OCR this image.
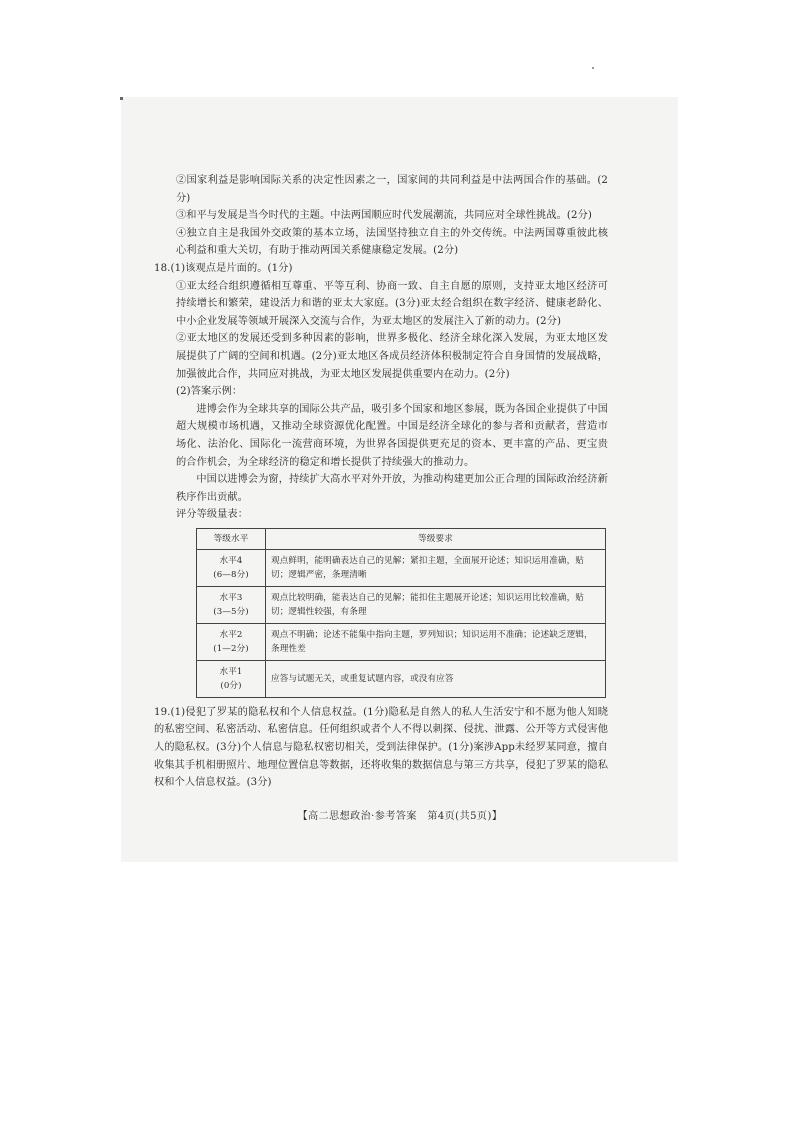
②国家利益是影响国际关系的决定性因素之一，国家间的共同利益是中法两国合作的基础。(2分)

③和平与发展是当今时代的主题。中法两国顺应时代发展潮流，共同应对全球性挑战。(2分)

④独立自主是我国外交政策的基本立场，法国坚持独立自主的外交传统。中法两国尊重彼此核心利益和重大关切，有助于推动两国关系健康稳定发展。(2分)

18.(1)该观点是片面的。(1分)

①亚太经合组织遵循相互尊重、平等互利、协商一致、自主自愿的原则，支持亚太地区经济可持续增长和繁荣，建设活力和谐的亚太大家庭。(3分)亚太经合组织在数字经济、健康老龄化、中小企业发展等领域开展深入交流与合作，为亚太地区的发展注入了新的动力。(2分)

②亚太地区的发展还受到多种因素的影响，世界多极化、经济全球化深入发展，为亚太地区发展提供了广阔的空间和机遇。(2分)亚太地区各成员经济体积极制定符合自身国情的发展战略，加强彼此合作，共同应对挑战，为亚太地区发展提供重要内在动力。(2分)

(2)答案示例：

进博会作为全球共享的国际公共产品，吸引多个国家和地区参展，既为各国企业提供了中国超大规模市场机遇，又推动全球资源优化配置。中国是经济全球化的参与者和贡献者，营造市场化、法治化、国际化一流营商环境，为世界各国提供更充足的资本、更丰富的产品、更宝贵的合作机会，为全球经济的稳定和增长提供了持续强大的推动力。

中国以进博会为窗，持续扩大高水平对外开放，为推动构建更加公正合理的国际政治经济新秩序作出贡献。

评分等级量表：

等级水平	等级要求
水平4
(6—8分)	观点鲜明，能明确表达自己的见解；紧扣主题，全面展开论述；知识运用准确，贴切；逻辑严密，条理清晰
水平3
(3—5分)	观点比较明确，能表达自己的见解；能扣住主题展开论述；知识运用比较准确，贴切；逻辑性较强，有条理
水平2
(1—2分)	观点不明确；论述不能集中指向主题，罗列知识；知识运用不准确；论述缺乏逻辑，条理性差
水平1
(0分)	应答与试题无关，或重复试题内容，或没有应答

19.(1)侵犯了罗某的隐私权和个人信息权益。(1分)隐私是自然人的私人生活安宁和不愿为他人知晓的私密空间、私密活动、私密信息。任何组织或者个人不得以刺探、侵扰、泄露、公开等方式侵害他人的隐私权。(3分)个人信息与隐私权密切相关，受到法律保护。(1分)案涉App未经罗某同意，擅自收集其手机相册照片、地理位置信息等数据，还将收集的数据信息与第三方共享，侵犯了罗某的隐私权和个人信息权益。(3分)

【高二思想政治·参考答案　第4页(共5页)】
